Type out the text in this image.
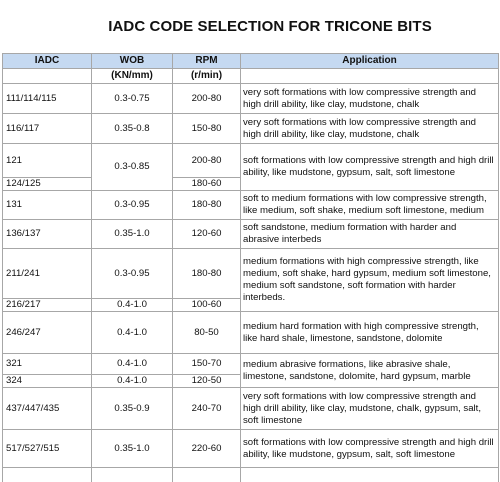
IADC CODE SELECTION FOR TRICONE BITS
IADC	WOB	RPM	Application
	(KN/mm)	(r/min)	
111/114/115	0.3-0.75	200-80	very soft formations with low compressive strength and high drill ability, like clay, mudstone, chalk
116/117	0.35-0.8	150-80	very soft formations with low compressive strength and high drill ability, like clay, mudstone, chalk
121	0.3-0.85	200-80	soft formations with low compressive strength and high drill ability, like mudstone, gypsum, salt, soft limestone
124/125		180-60	
131	0.3-0.95	180-80	soft to medium formations with low compressive strength, like medium, soft shake, medium soft limestone, medium
136/137	0.35-1.0	120-60	soft sandstone, medium formation with harder and abrasive interbeds
211/241	0.3-0.95	180-80	medium formations with high compressive strength, like medium, soft shake, hard gypsum, medium soft limestone, medium soft sandstone, soft formation with harder interbeds.
216/217	0.4-1.0	100-60	
246/247	0.4-1.0	80-50	medium hard formation with high compressive strength, like hard shale, limestone, sandstone, dolomite
321	0.4-1.0	150-70	medium abrasive formations, like abrasive shale, limestone, sandstone, dolomite, hard gypsum, marble
324	0.4-1.0	120-50	
437/447/435	0.35-0.9	240-70	very soft formations with low compressive strength and high drill ability, like clay, mudstone, chalk, gypsum, salt, soft limestone
517/527/515	0.35-1.0	220-60	soft formations with low compressive strength and high drill ability, like mudstone, gypsum, salt, soft limestone
